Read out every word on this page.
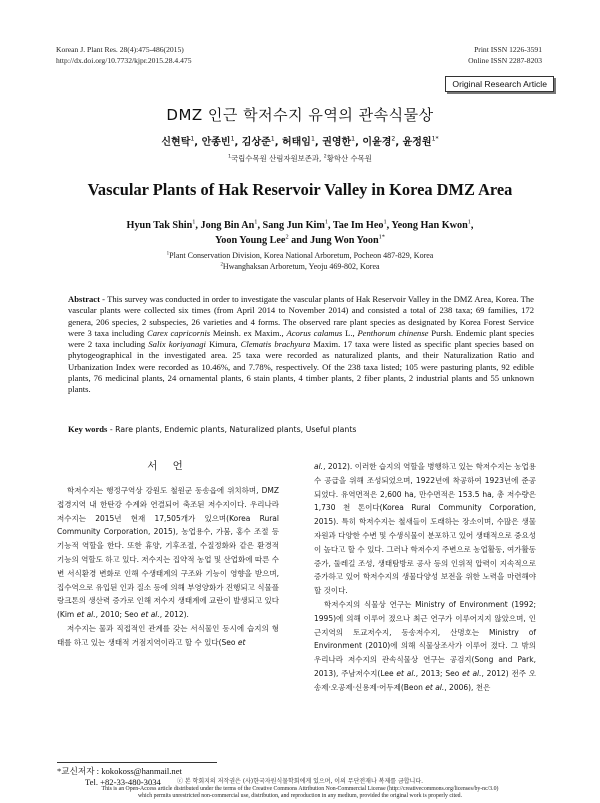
Korean J. Plant Res. 28(4):475-486(2015)
http://dx.doi.org/10.7732/kjpr.2015.28.4.475
Print ISSN 1226-3591
Online ISSN 2287-8203
Original Research Article
DMZ 인근 학저수지 유역의 관속식물상
신현탁$^1$, 안종빈$^1$, 김상준$^1$, 허태임$^1$, 권영한$^1$, 이윤경$^2$, 윤정원$^{1*}$
$^1$국립수목원 산림자원보존과, $^2$황학산 수목원
Vascular Plants of Hak Reservoir Valley in Korea DMZ Area
Hyun Tak Shin$^1$, Jong Bin An$^1$, Sang Jun Kim$^1$, Tae Im Heo$^1$, Yeong Han Kwon$^1$,
Yoon Young Lee$^2$ and Jung Won Yoon$^{1*}$
$^1$Plant Conservation Division, Korea National Arboretum, Pocheon 487-829, Korea
$^2$Hwanghaksan Arboretum, Yeoju 469-802, Korea
Abstract - This survey was conducted in order to investigate the vascular plants of Hak Reservoir Valley in the DMZ Area, Korea. The vascular plants were collected six times (from April 2014 to November 2014) and consisted a total of 238 taxa; 69 families, 172 genera, 206 species, 2 subspecies, 26 varieties and 4 forms. The observed rare plant species as designated by Korea Forest Service were 3 taxa including Carex capricornis Meinsh. ex Maxim., Acorus calamus L., Penthorum chinense Pursh. Endemic plant species were 2 taxa including Salix koriyanagi Kimura, Clematis brachyura Maxim. 17 taxa were listed as specific plant species based on phytogeographical in the investigated area. 25 taxa were recorded as naturalized plants, and their Naturalization Ratio and Urbanization Index were recorded as 10.46%, and 7.78%, respectively. Of the 238 taxa listed; 105 were pasturing plants, 92 edible plants, 76 medicinal plants, 24 ornamental plants, 6 stain plants, 4 timber plants, 2 fiber plants, 2 industrial plants and 55 unknown plants.
Key words - Rare plants, Endemic plants, Naturalized plants, Useful plants
서 언

학저수지는 행정구역상 강원도 철원군 동송읍에 위치하며, DMZ 접경지역 내 한탄강 수계와 연결되어 축조된 저수지이다. 우리나라 저수지는 2015년 현재 17,505개가 있으며(Korea Rural Community Corporation, 2015), 농업용수, 가뭄, 홍수 조절 등 기능적 역할을 한다. 또한 휴양, 기후조절, 수질정화와 같은 환경적 기능의 역할도 하고 있다. 저수지는 집약적 농업 및 산업화에 따른 수변 서식환경 변화로 인해 수생태계의 구조와 기능이 영향을 받으며, 집수역으로 유입된 인과 질소 등에 의해 부영양화가 진행되고 식물플랑크톤의 생산력 증가로 인해 저수지 생태계에 교란이 발생되고 있다(Kim et al., 2010; Seo et al., 2012).

저수지는 물과 직접적인 관계를 갖는 서식물인 동시에 습지의 형태를 하고 있는 생태적 거점지역이라고 할 수 있다(Seo et

al., 2012). 이러한 습지의 역할을 병행하고 있는 학저수지는 농업용수 공급을 위해 조성되었으며, 1922년에 착공하여 1923년에 준공되었다. 유역면적은 2,600 ha, 만수면적은 153.5 ha, 총 저수량은 1,730 천 톤이다(Korea Rural Community Corporation, 2015). 특히 학저수지는 철새들이 도래하는 장소이며, 수많은 생물자원과 다양한 수변 및 수생식물이 분포하고 있어 생태적으로 중요성이 높다고 할 수 있다. 그러나 학저수지 주변으로 농업활동, 여가활동 증가, 둘레길 조성, 생태탐방로 공사 등의 인위적 압력이 지속적으로 증가하고 있어 학저수지의 생물다양성 보전을 위한 노력을 마련해야 할 것이다.

학저수지의 식물상 연구는 Ministry of Environment (1992; 1995)에 의해 이루어 졌으나 최근 연구가 이루어지지 않았으며, 인근지역의 토교저수지, 동송저수지, 산명호는 Ministry of Environment (2010)에 의해 식물상조사가 이루어 졌다. 그 밖의 우리나라 저수지의 관속식물상 연구는 공검지(Song and Park, 2013), 주남저수지(Lee et al., 2013; Seo et al., 2012) 전주 오송제·오공제·신용제·어두제(Beon et al., 2006), 천은

*교신저자 : kokokoss@hanmail.net
Tel. +82-33-480-3034	ⓒ 본 학회지의 저작권은 (사)한국자원식물학회에게 있으며, 이의 무단전재나 복제를 금합니다.
This is an Open-Access article distributed under the terms of the Creative Commons Attribution Non-Commercial License (http://creativecommons.org/licenses/by-nc/3.0)
which permits unrestricted non-commercial use, distribution, and reproduction in any medium, provided the original work is properly cited.
